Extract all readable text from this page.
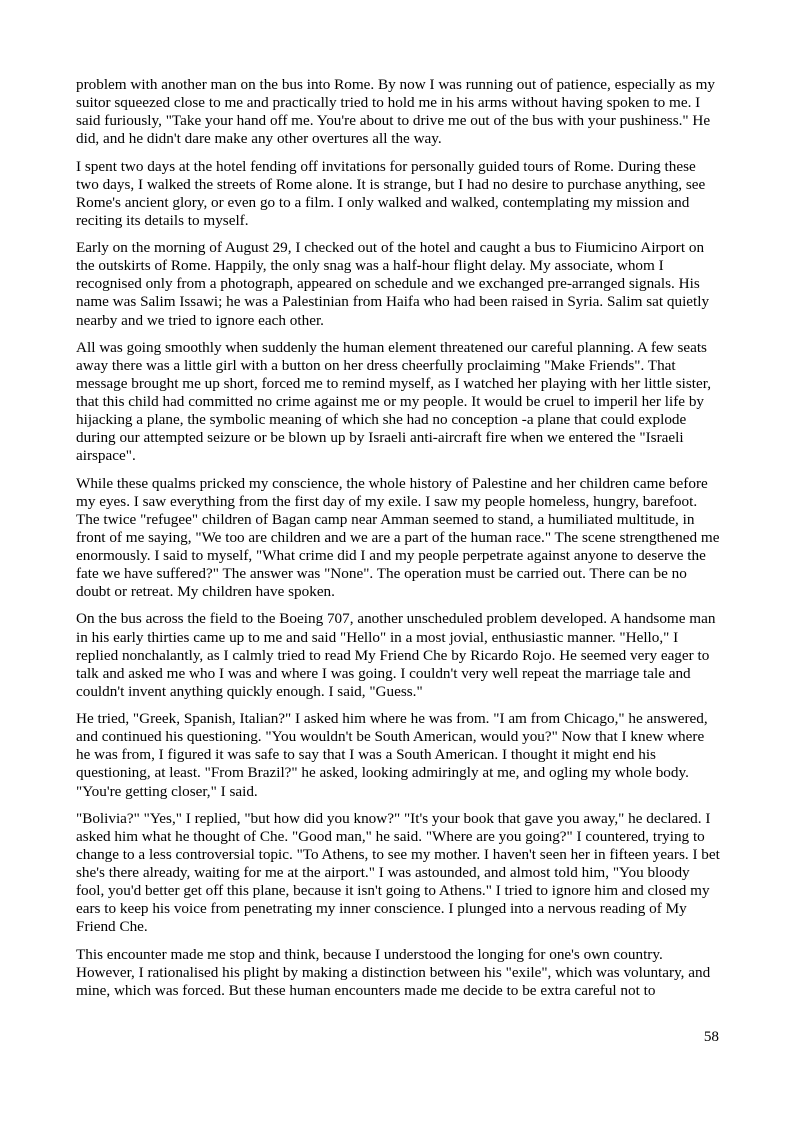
problem with another man on the bus into Rome. By now I was running out of patience, especially as my suitor squeezed close to me and practically tried to hold me in his arms without having spoken to me. I said furiously, "Take your hand off me. You're about to drive me out of the bus with your pushiness." He did, and he didn't dare make any other overtures all the way.

I spent two days at the hotel fending off invitations for personally guided tours of Rome. During these two days, I walked the streets of Rome alone. It is strange, but I had no desire to purchase anything, see Rome's ancient glory, or even go to a film. I only walked and walked, contemplating my mission and reciting its details to myself.

Early on the morning of August 29, I checked out of the hotel and caught a bus to Fiumicino Airport on the outskirts of Rome. Happily, the only snag was a half-hour flight delay. My associate, whom I recognised only from a photograph, appeared on schedule and we exchanged pre-arranged signals. His name was Salim Issawi; he was a Palestinian from Haifa who had been raised in Syria. Salim sat quietly nearby and we tried to ignore each other.

All was going smoothly when suddenly the human element threatened our careful planning. A few seats away there was a little girl with a button on her dress cheerfully proclaiming "Make Friends". That message brought me up short, forced me to remind myself, as I watched her playing with her little sister, that this child had committed no crime against me or my people. It would be cruel to imperil her life by hijacking a plane, the symbolic meaning of which she had no conception -a plane that could explode during our attempted seizure or be blown up by Israeli anti-aircraft fire when we entered the "Israeli airspace".

While these qualms pricked my conscience, the whole history of Palestine and her children came before my eyes. I saw everything from the first day of my exile. I saw my people homeless, hungry, barefoot. The twice "refugee" children of Bagan camp near Amman seemed to stand, a humiliated multitude, in front of me saying, "We too are children and we are a part of the human race." The scene strengthened me enormously. I said to myself, "What crime did I and my people perpetrate against anyone to deserve the fate we have suffered?" The answer was "None". The operation must be carried out. There can be no doubt or retreat. My children have spoken.

On the bus across the field to the Boeing 707, another unscheduled problem developed. A handsome man in his early thirties came up to me and said "Hello" in a most jovial, enthusiastic manner. "Hello," I replied nonchalantly, as I calmly tried to read My Friend Che by Ricardo Rojo. He seemed very eager to talk and asked me who I was and where I was going. I couldn't very well repeat the marriage tale and couldn't invent anything quickly enough. I said, "Guess."

He tried, "Greek, Spanish, Italian?" I asked him where he was from. "I am from Chicago," he answered, and continued his questioning. "You wouldn't be South American, would you?" Now that I knew where he was from, I figured it was safe to say that I was a South American. I thought it might end his questioning, at least. "From Brazil?" he asked, looking admiringly at me, and ogling my whole body. "You're getting closer," I said.

"Bolivia?" "Yes," I replied, "but how did you know?" "It's your book that gave you away," he declared. I asked him what he thought of Che. "Good man," he said. "Where are you going?" I countered, trying to change to a less controversial topic. "To Athens, to see my mother. I haven't seen her in fifteen years. I bet she's there already, waiting for me at the airport." I was astounded, and almost told him, "You bloody fool, you'd better get off this plane, because it isn't going to Athens." I tried to ignore him and closed my ears to keep his voice from penetrating my inner conscience. I plunged into a nervous reading of My Friend Che.

This encounter made me stop and think, because I understood the longing for one's own country. However, I rationalised his plight by making a distinction between his "exile", which was voluntary, and mine, which was forced. But these human encounters made me decide to be extra careful not to

58
